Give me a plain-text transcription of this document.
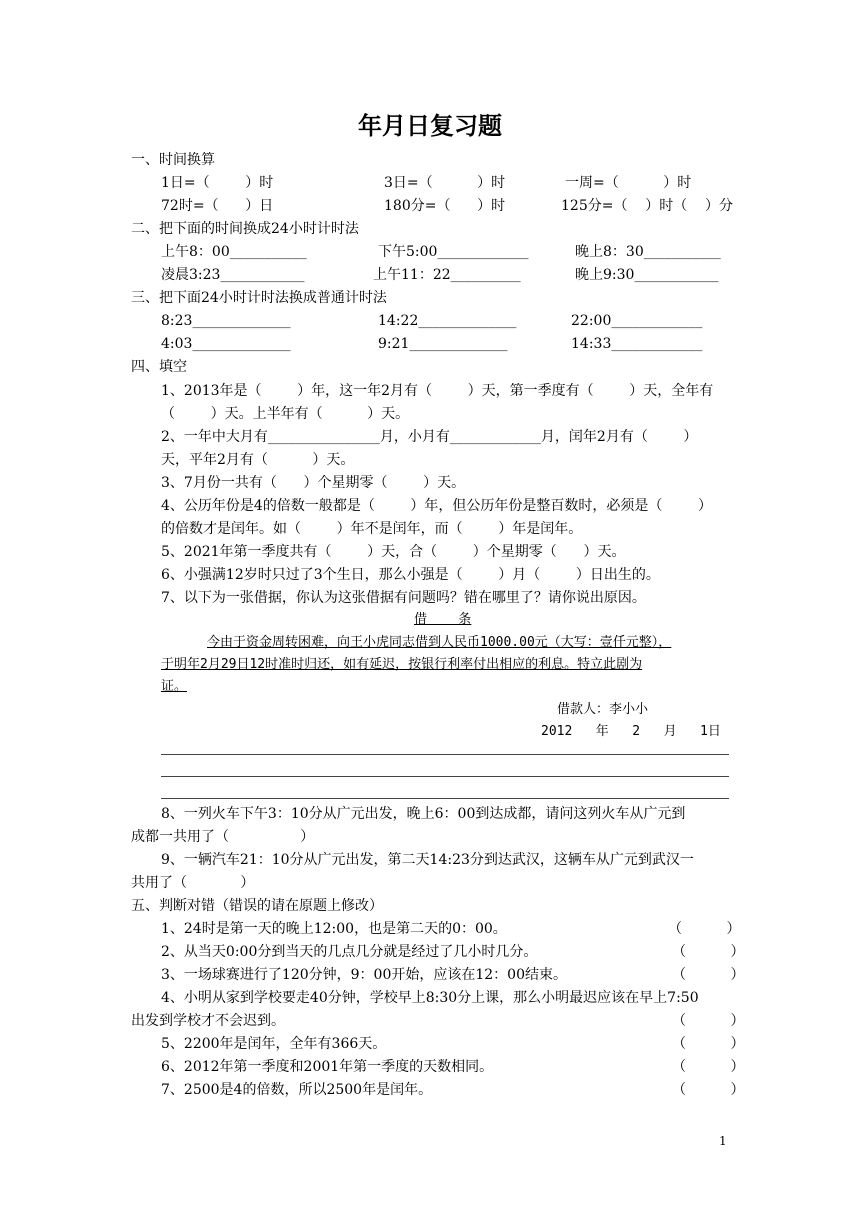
年月日复习题
一、时间换算
1日=（        ）时	3日=（          ）时	一周=（          ）时
72时=（      ）日	180分=（      ）时	125分=（    ）时（    ）分
二、把下面的时间换成24小时计时法
上午8：00___________	下午5:00_____________	晚上8：30___________
凌晨3:23____________	上午11：22__________	晚上9:30____________
三、把下面24小时计时法换成普通计时法
8:23______________	14:22______________	22:00_____________
4:03______________	9:21______________	14:33_____________
四、填空
1、2013年是（        ）年，这一年2月有（        ）天，第一季度有（        ）天，全年有
（        ）天。上半年有（          ）天。
2、一年中大月有________________月，小月有_____________月，闰年2月有（        ）
天，平年2月有（          ）天。
3、7月份一共有（      ）个星期零（        ）天。
4、公历年份是4的倍数一般都是（        ）年，但公历年份是整百数时，必须是（        ）
的倍数才是闰年。如（        ）年不是闰年，而（        ）年是闰年。
5、2021年第一季度共有（        ）天，合（        ）个星期零（      ）天。
6、小强满12岁时只过了3个生日，那么小强是（        ）月（        ）日出生的。
7、以下为一张借据，你认为这张借据有问题吗？错在哪里了？请你说出原因。
借    条
今由于资金周转困难，向王小虎同志借到人民币1000.00元（大写：壹仟元整），
于明年2月29日12时准时归还，如有延迟，按银行利率付出相应的利息。特立此剧为
证。
借款人：李小小
2012   年   2   月   1日
8、一列火车下午3：10分从广元出发，晚上6：00到达成都，请问这列火车从广元到
成都一共用了（                ）
9、一辆汽车21：10分从广元出发，第二天14:23分到达武汉，这辆车从广元到武汉一
共用了（            ）
五、判断对错（错误的请在原题上修改）
1、24时是第一天的晚上12:00，也是第二天的0：00。	（          ）
2、从当天0:00分到当天的几点几分就是经过了几小时几分。	（          ）
3、一场球赛进行了120分钟，9：00开始，应该在12：00结束。	（          ）
4、小明从家到学校要走40分钟，学校早上8:30分上课，那么小明最迟应该在早上7:50
出发到学校才不会迟到。	（          ）
5、2200年是闰年，全年有366天。	（          ）
6、2012年第一季度和2001年第一季度的天数相同。	（          ）
7、2500是4的倍数，所以2500年是闰年。	（          ）
1
